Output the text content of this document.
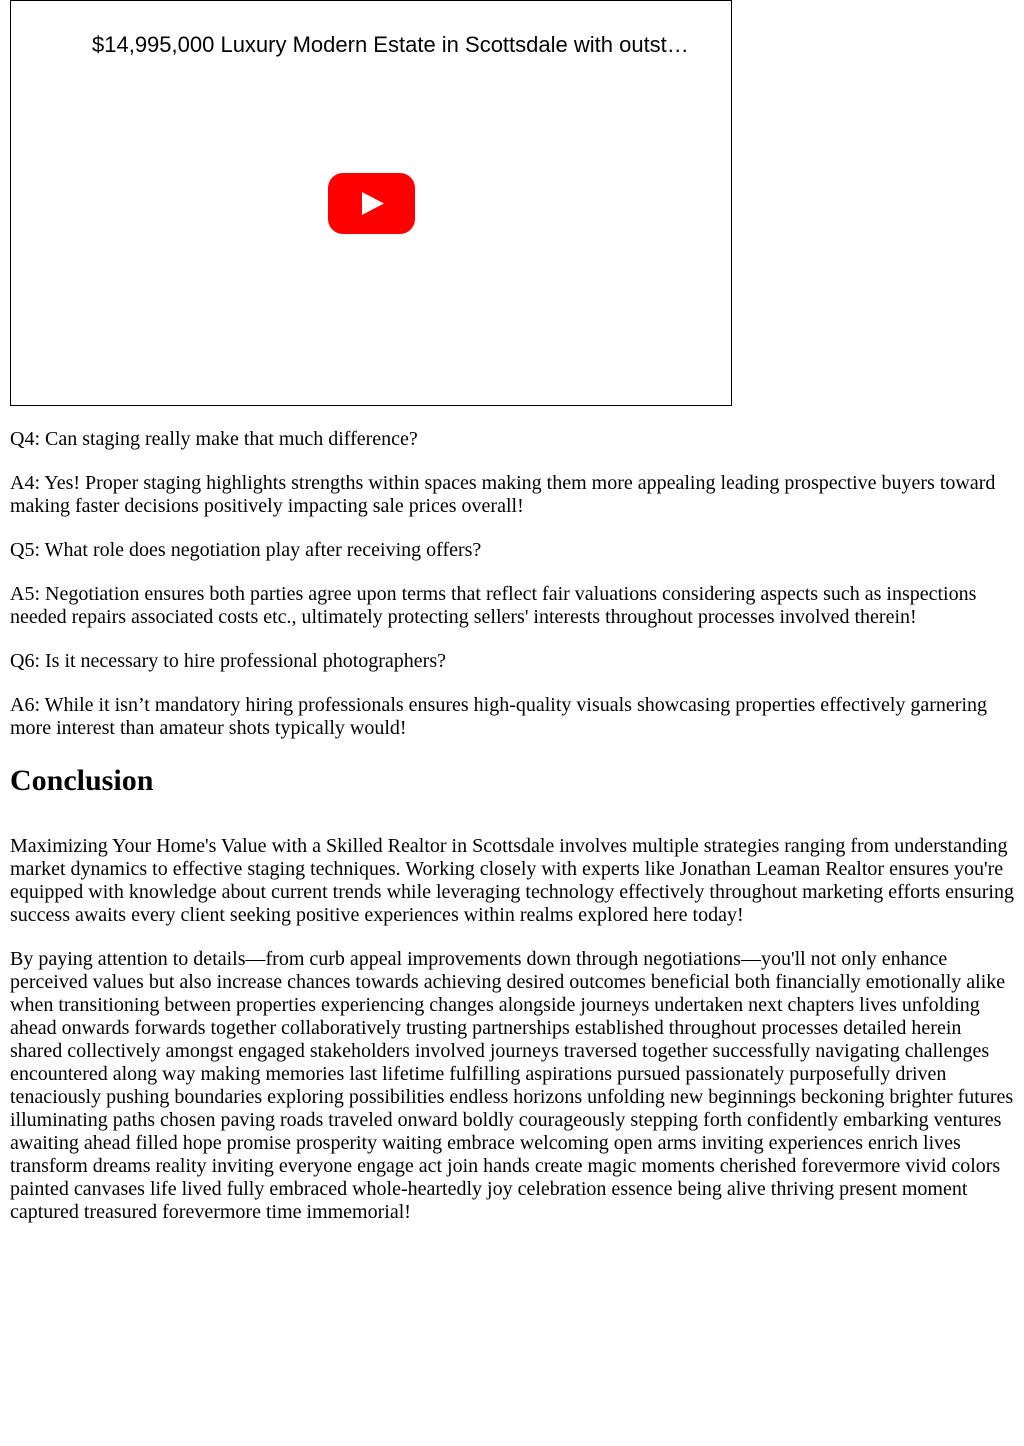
$14,995,000 Luxury Modern Estate in Scottsdale with outst…

Q4: Can staging really make that much difference?

A4: Yes! Proper staging highlights strengths within spaces making them more appealing leading prospective buyers toward making faster decisions positively impacting sale prices overall!

Q5: What role does negotiation play after receiving offers?

A5: Negotiation ensures both parties agree upon terms that reflect fair valuations considering aspects such as inspections needed repairs associated costs etc., ultimately protecting sellers' interests throughout processes involved therein!

Q6: Is it necessary to hire professional photographers?

A6: While it isn’t mandatory hiring professionals ensures high-quality visuals showcasing properties effectively garnering more interest than amateur shots typically would!

Conclusion

Maximizing Your Home's Value with a Skilled Realtor in Scottsdale involves multiple strategies ranging from understanding market dynamics to effective staging techniques. Working closely with experts like Jonathan Leaman Realtor ensures you're equipped with knowledge about current trends while leveraging technology effectively throughout marketing efforts ensuring success awaits every client seeking positive experiences within realms explored here today!

By paying attention to details—from curb appeal improvements down through negotiations—you'll not only enhance perceived values but also increase chances towards achieving desired outcomes beneficial both financially emotionally alike when transitioning between properties experiencing changes alongside journeys undertaken next chapters lives unfolding ahead onwards forwards together collaboratively trusting partnerships established throughout processes detailed herein shared collectively amongst engaged stakeholders involved journeys traversed together successfully navigating challenges encountered along way making memories last lifetime fulfilling aspirations pursued passionately purposefully driven tenaciously pushing boundaries exploring possibilities endless horizons unfolding new beginnings beckoning brighter futures illuminating paths chosen paving roads traveled onward boldly courageously stepping forth confidently embarking ventures awaiting ahead filled hope promise prosperity waiting embrace welcoming open arms inviting experiences enrich lives transform dreams reality inviting everyone engage act join hands create magic moments cherished forevermore vivid colors painted canvases life lived fully embraced whole-heartedly joy celebration essence being alive thriving present moment captured treasured forevermore time immemorial!
